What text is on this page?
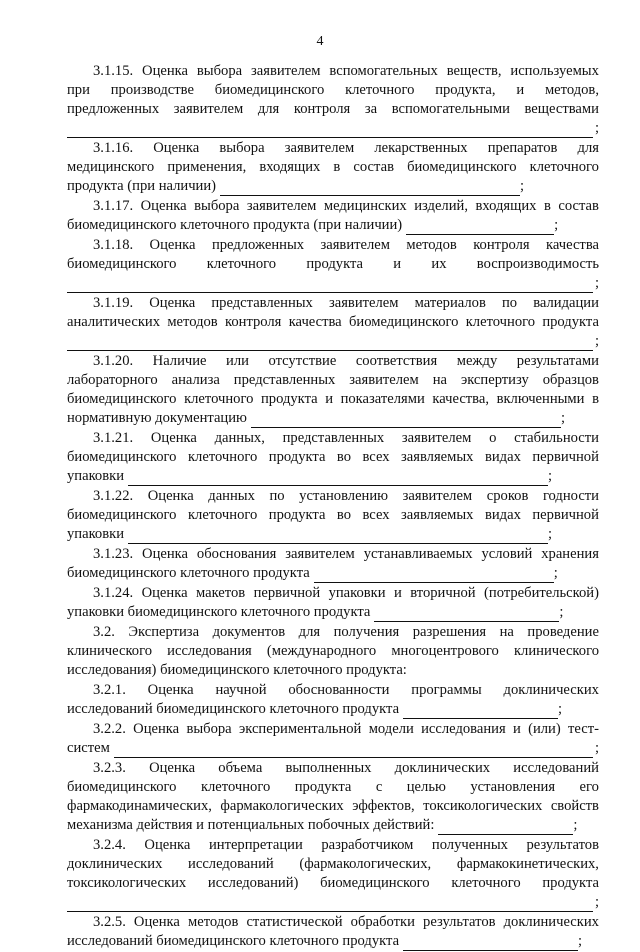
4
3.1.15. Оценка выбора заявителем вспомогательных веществ, используемых
при производстве биомедицинского клеточного продукта, и методов,
предложенных заявителем для контроля за вспомогательными веществами
;
3.1.16. Оценка выбора заявителем лекарственных препаратов для
медицинского применения, входящих в состав биомедицинского клеточного
продукта (при наличии)	;
3.1.17. Оценка выбора заявителем медицинских изделий, входящих в состав
биомедицинского клеточного продукта (при наличии)	;
3.1.18. Оценка предложенных заявителем методов контроля качества
биомедицинского клеточного продукта и их воспроизводимость
;
3.1.19. Оценка представленных заявителем материалов по валидации
аналитических методов контроля качества биомедицинского клеточного продукта
;
3.1.20. Наличие или отсутствие соответствия между результатами
лабораторного анализа представленных заявителем на экспертизу образцов
биомедицинского клеточного продукта и показателями качества, включенными в
нормативную документацию	;
3.1.21. Оценка данных, представленных заявителем о стабильности
биомедицинского клеточного продукта во всех заявляемых видах первичной
упаковки	;
3.1.22. Оценка данных по установлению заявителем сроков годности
биомедицинского клеточного продукта во всех заявляемых видах первичной
упаковки	;
3.1.23. Оценка обоснования заявителем устанавливаемых условий хранения
биомедицинского клеточного продукта	;
3.1.24. Оценка макетов первичной упаковки и вторичной (потребительской)
упаковки биомедицинского клеточного продукта	;
3.2. Экспертиза документов для получения разрешения на проведение
клинического исследования (международного многоцентрового клинического
исследования) биомедицинского клеточного продукта:
3.2.1. Оценка научной обоснованности программы доклинических
исследований биомедицинского клеточного продукта	;
3.2.2. Оценка выбора экспериментальной модели исследования и (или) тест-
систем	;
3.2.3. Оценка объема выполненных доклинических исследований
биомедицинского клеточного продукта с целью установления его
фармакодинамических, фармакологических эффектов, токсикологических свойств
механизма действия и потенциальных побочных действий:	;
3.2.4. Оценка интерпретации разработчиком полученных результатов
доклинических исследований (фармакологических, фармакокинетических,
токсикологических исследований) биомедицинского клеточного продукта
;
3.2.5. Оценка методов статистической обработки результатов доклинических
исследований биомедицинского клеточного продукта	;
